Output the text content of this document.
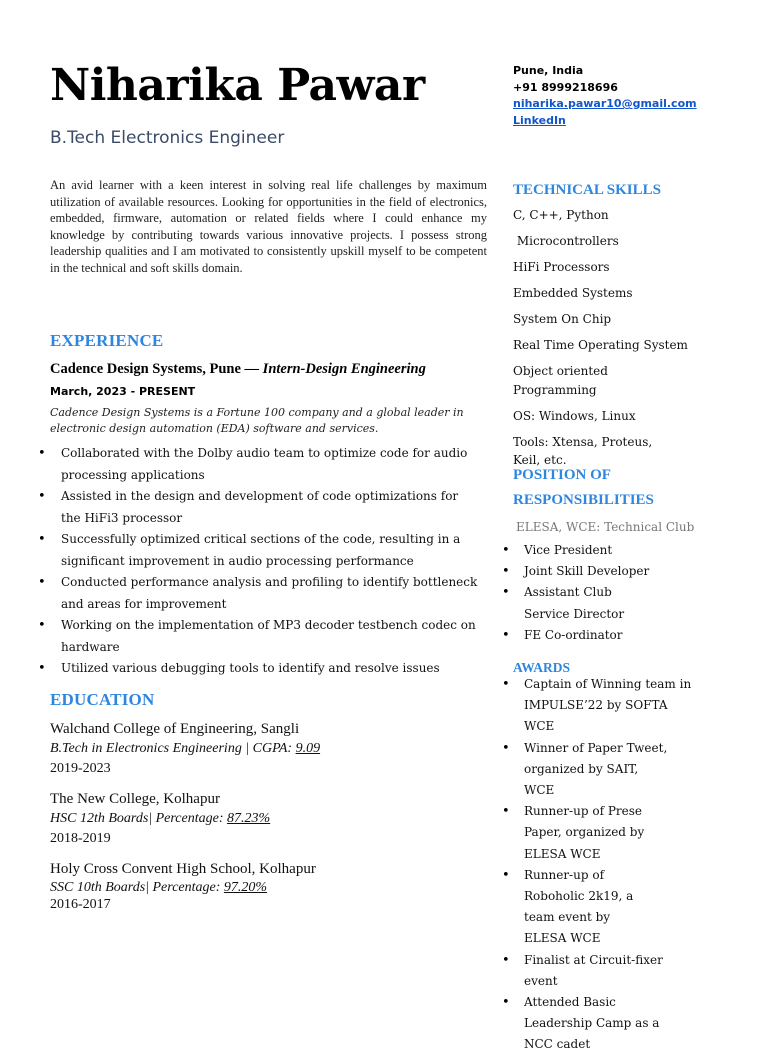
Niharika Pawar
B.Tech Electronics Engineer
Pune, India
+91 8999218696
niharika.pawar10@gmail.com
LinkedIn
An avid learner with a keen interest in solving real life challenges by maximum utilization of available resources. Looking for opportunities in the field of electronics, embedded, firmware, automation or related fields where I could enhance my knowledge by contributing towards various innovative projects. I possess strong leadership qualities and I am motivated to consistently upskill myself to be competent in the technical and soft skills domain.
EXPERIENCE
Cadence Design Systems, Pune — Intern-Design Engineering
March, 2023 - PRESENT
Cadence Design Systems is a Fortune 100 company and a global leader in electronic design automation (EDA) software and services.
• Collaborated with the Dolby audio team to optimize code for audio processing applications
• Assisted in the design and development of code optimizations for the HiFi3 processor
• Successfully optimized critical sections of the code, resulting in a significant improvement in audio processing performance
• Conducted performance analysis and profiling to identify bottleneck and areas for improvement
• Working on the implementation of MP3 decoder testbench codec on hardware
• Utilized various debugging tools to identify and resolve issues
EDUCATION
Walchand College of Engineering, Sangli
B.Tech in Electronics Engineering | CGPA: 9.09
2019-2023
The New College, Kolhapur
HSC 12th Boards| Percentage: 87.23%
2018-2019
Holy Cross Convent High School, Kolhapur
SSC 10th Boards| Percentage: 97.20%
2016-2017
TECHNICAL SKILLS
C, C++, Python
Microcontrollers
HiFi Processors
Embedded Systems
System On Chip
Real Time Operating System
Object oriented Programming
OS: Windows, Linux
Tools: Xtensa, Proteus, Keil, etc.
POSITION OF
RESPONSIBILITIES
ELESA, WCE: Technical Club
• Vice President
• Joint Skill Developer
• Assistant Club Service Director
• FE Co-ordinator
AWARDS
• Captain of Winning team in IMPULSE’22 by SOFTA WCE
• Winner of Paper Tweet, organized by SAIT, WCE
• Runner-up of Prese Paper, organized by ELESA WCE
• Runner-up of Roboholic 2k19, a team event by ELESA WCE
• Finalist at Circuit-fixer event
• Attended Basic Leadership Camp as a NCC cadet
